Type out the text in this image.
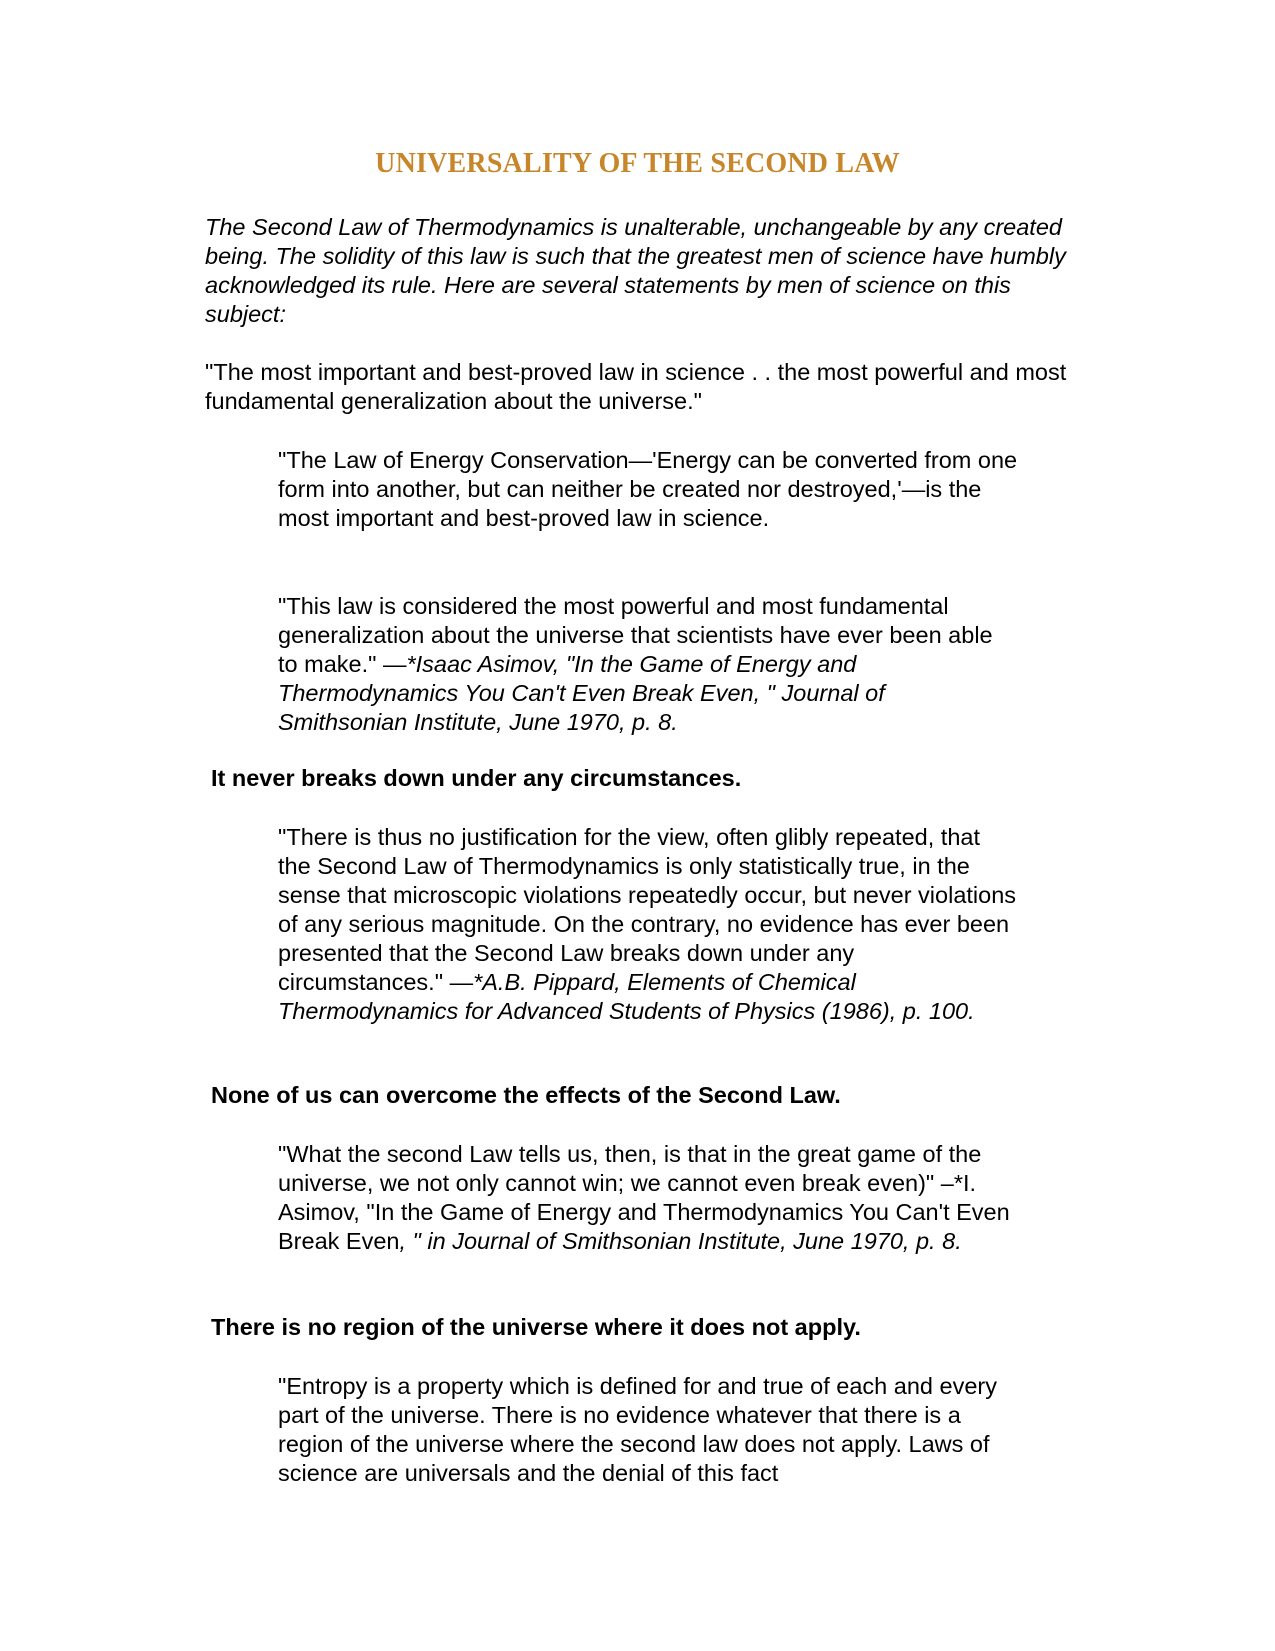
UNIVERSALITY OF THE SECOND LAW

The Second Law of Thermodynamics is unalterable, unchangeable by any created being. The solidity of this law is such that the greatest men of science have humbly acknowledged its rule. Here are several statements by men of science on this subject:

"The most important and best-proved law in science . . the most powerful and most fundamental generalization about the universe."

"The Law of Energy Conservation—'Energy can be converted from one form into another, but can neither be created nor destroyed,'—is the most important and best-proved law in science.

"This law is considered the most powerful and most fundamental generalization about the universe that scientists have ever been able to make." —*Isaac Asimov, "In the Game of Energy and Thermodynamics You Can't Even Break Even, " Journal of Smithsonian Institute, June 1970, p. 8.

It never breaks down under any circumstances.

"There is thus no justification for the view, often glibly repeated, that the Second Law of Thermodynamics is only statistically true, in the sense that microscopic violations repeatedly occur, but never violations of any serious magnitude. On the contrary, no evidence has ever been presented that the Second Law breaks down under any circumstances." —*A.B. Pippard, Elements of Chemical Thermodynamics for Advanced Students of Physics (1986), p. 100.

None of us can overcome the effects of the Second Law.

"What the second Law tells us, then, is that in the great game of the universe, we not only cannot win; we cannot even break even)" –*I. Asimov, "In the Game of Energy and Thermodynamics You Can't Even Break Even, " in Journal of Smithsonian Institute, June 1970, p. 8.

There is no region of the universe where it does not apply.

"Entropy is a property which is defined for and true of each and every part of the universe. There is no evidence whatever that there is a region of the universe where the second law does not apply. Laws of science are universals and the denial of this fact
